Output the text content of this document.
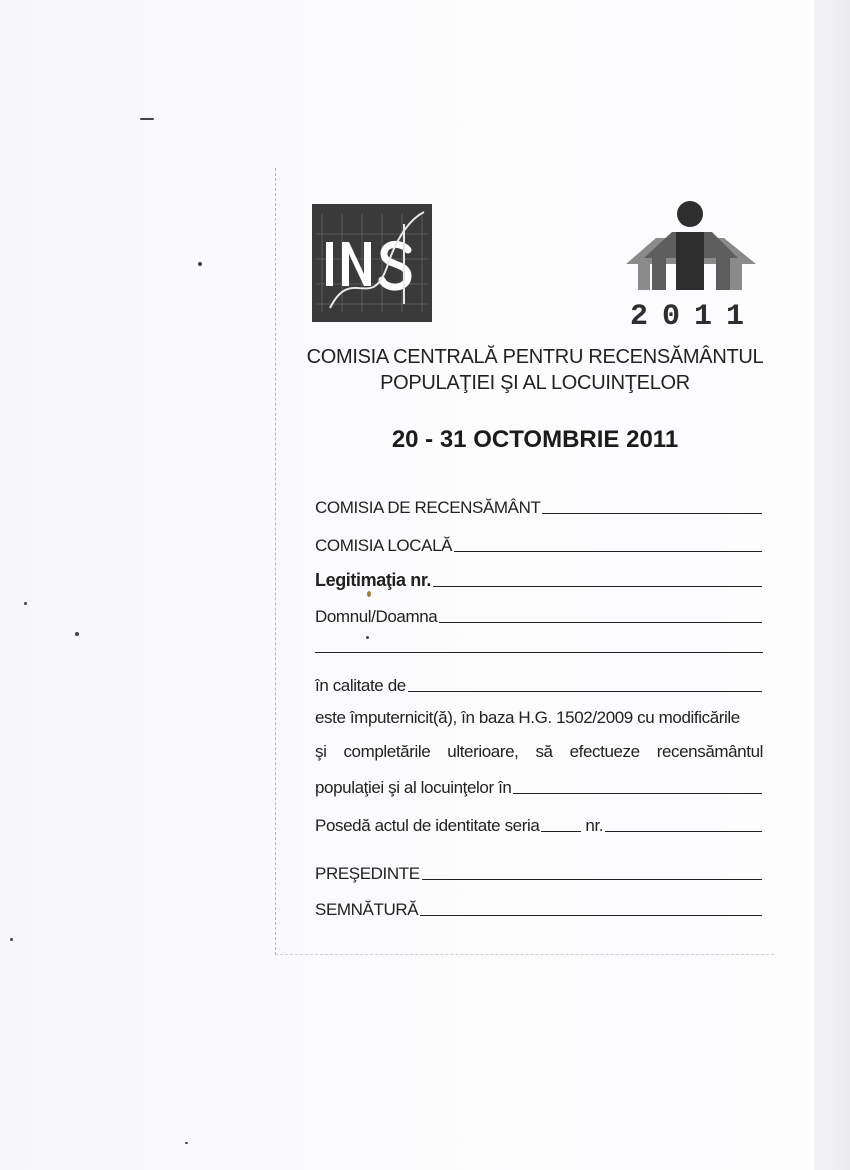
2011
COMISIA CENTRALĂ PENTRU RECENSĂMÂNTUL
POPULAŢIEI ŞI AL LOCUINŢELOR
20 - 31 OCTOMBRIE 2011
COMISIA DE RECENSĂMÂNT
COMISIA LOCALĂ
Legitimaţia nr.
Domnul/Doamna
în calitate de
este împuternicit(ă), în baza H.G. 1502/2009 cu modificările
şi completările ulterioare, să efectueze recensământul
populaţiei şi al locuinţelor în
Posedă actul de identitate seria	nr.
PREŞEDINTE
SEMNĂTURĂ
